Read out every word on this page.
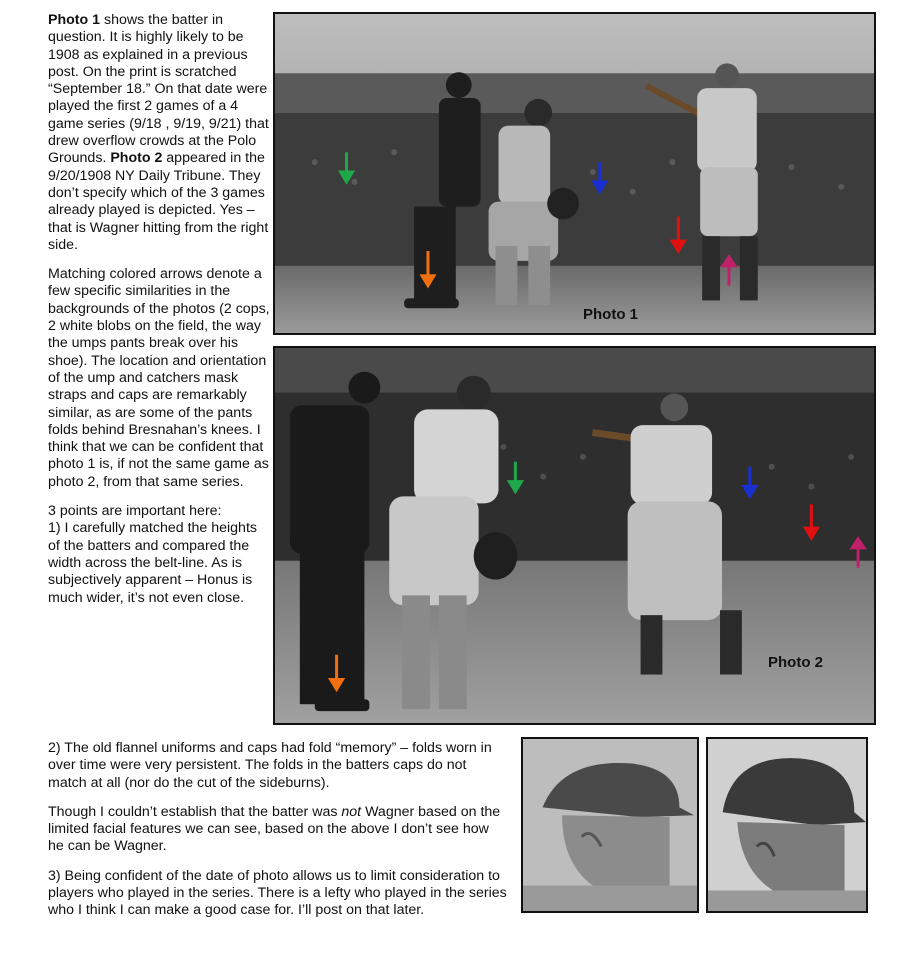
Photo 1 shows the batter in question. It is highly likely to be 1908 as explained in a previous post. On the print is scratched “September 18.” On that date were played the first 2 games of a 4 game series (9/18 , 9/19, 9/21) that drew overflow crowds at the Polo Grounds. Photo 2 appeared in the 9/20/1908 NY Daily Tribune. They don’t specify which of the 3 games already played is depicted. Yes – that is Wagner hitting from the right side.

Matching colored arrows denote a few specific similarities in the backgrounds of the photos (2 cops, 2 white blobs on the field, the way the umps pants break over his shoe). The location and orientation of the ump and catchers mask straps and caps are remarkably similar, as are some of the pants folds behind Bresnahan’s knees. I think that we can be confident that photo 1 is, if not the same game as photo 2, from that same series.

3 points are important here:
1) I carefully matched the heights of the batters and compared the width across the belt-line. As is subjectively apparent – Honus is much wider, it’s not even close.

Photo 1
Photo 2

2) The old flannel uniforms and caps had fold “memory” – folds worn in over time were very persistent. The folds in the batters caps do not match at all (nor do the cut of the sideburns).

Though I couldn’t establish that the batter was not Wagner based on the limited facial features we can see, based on the above I don’t see how he can be Wagner.

3) Being confident of the date of photo allows us to limit consideration to players who played in the series. There is a lefty who played in the series who I think I can make a good case for. I’ll post on that later.
